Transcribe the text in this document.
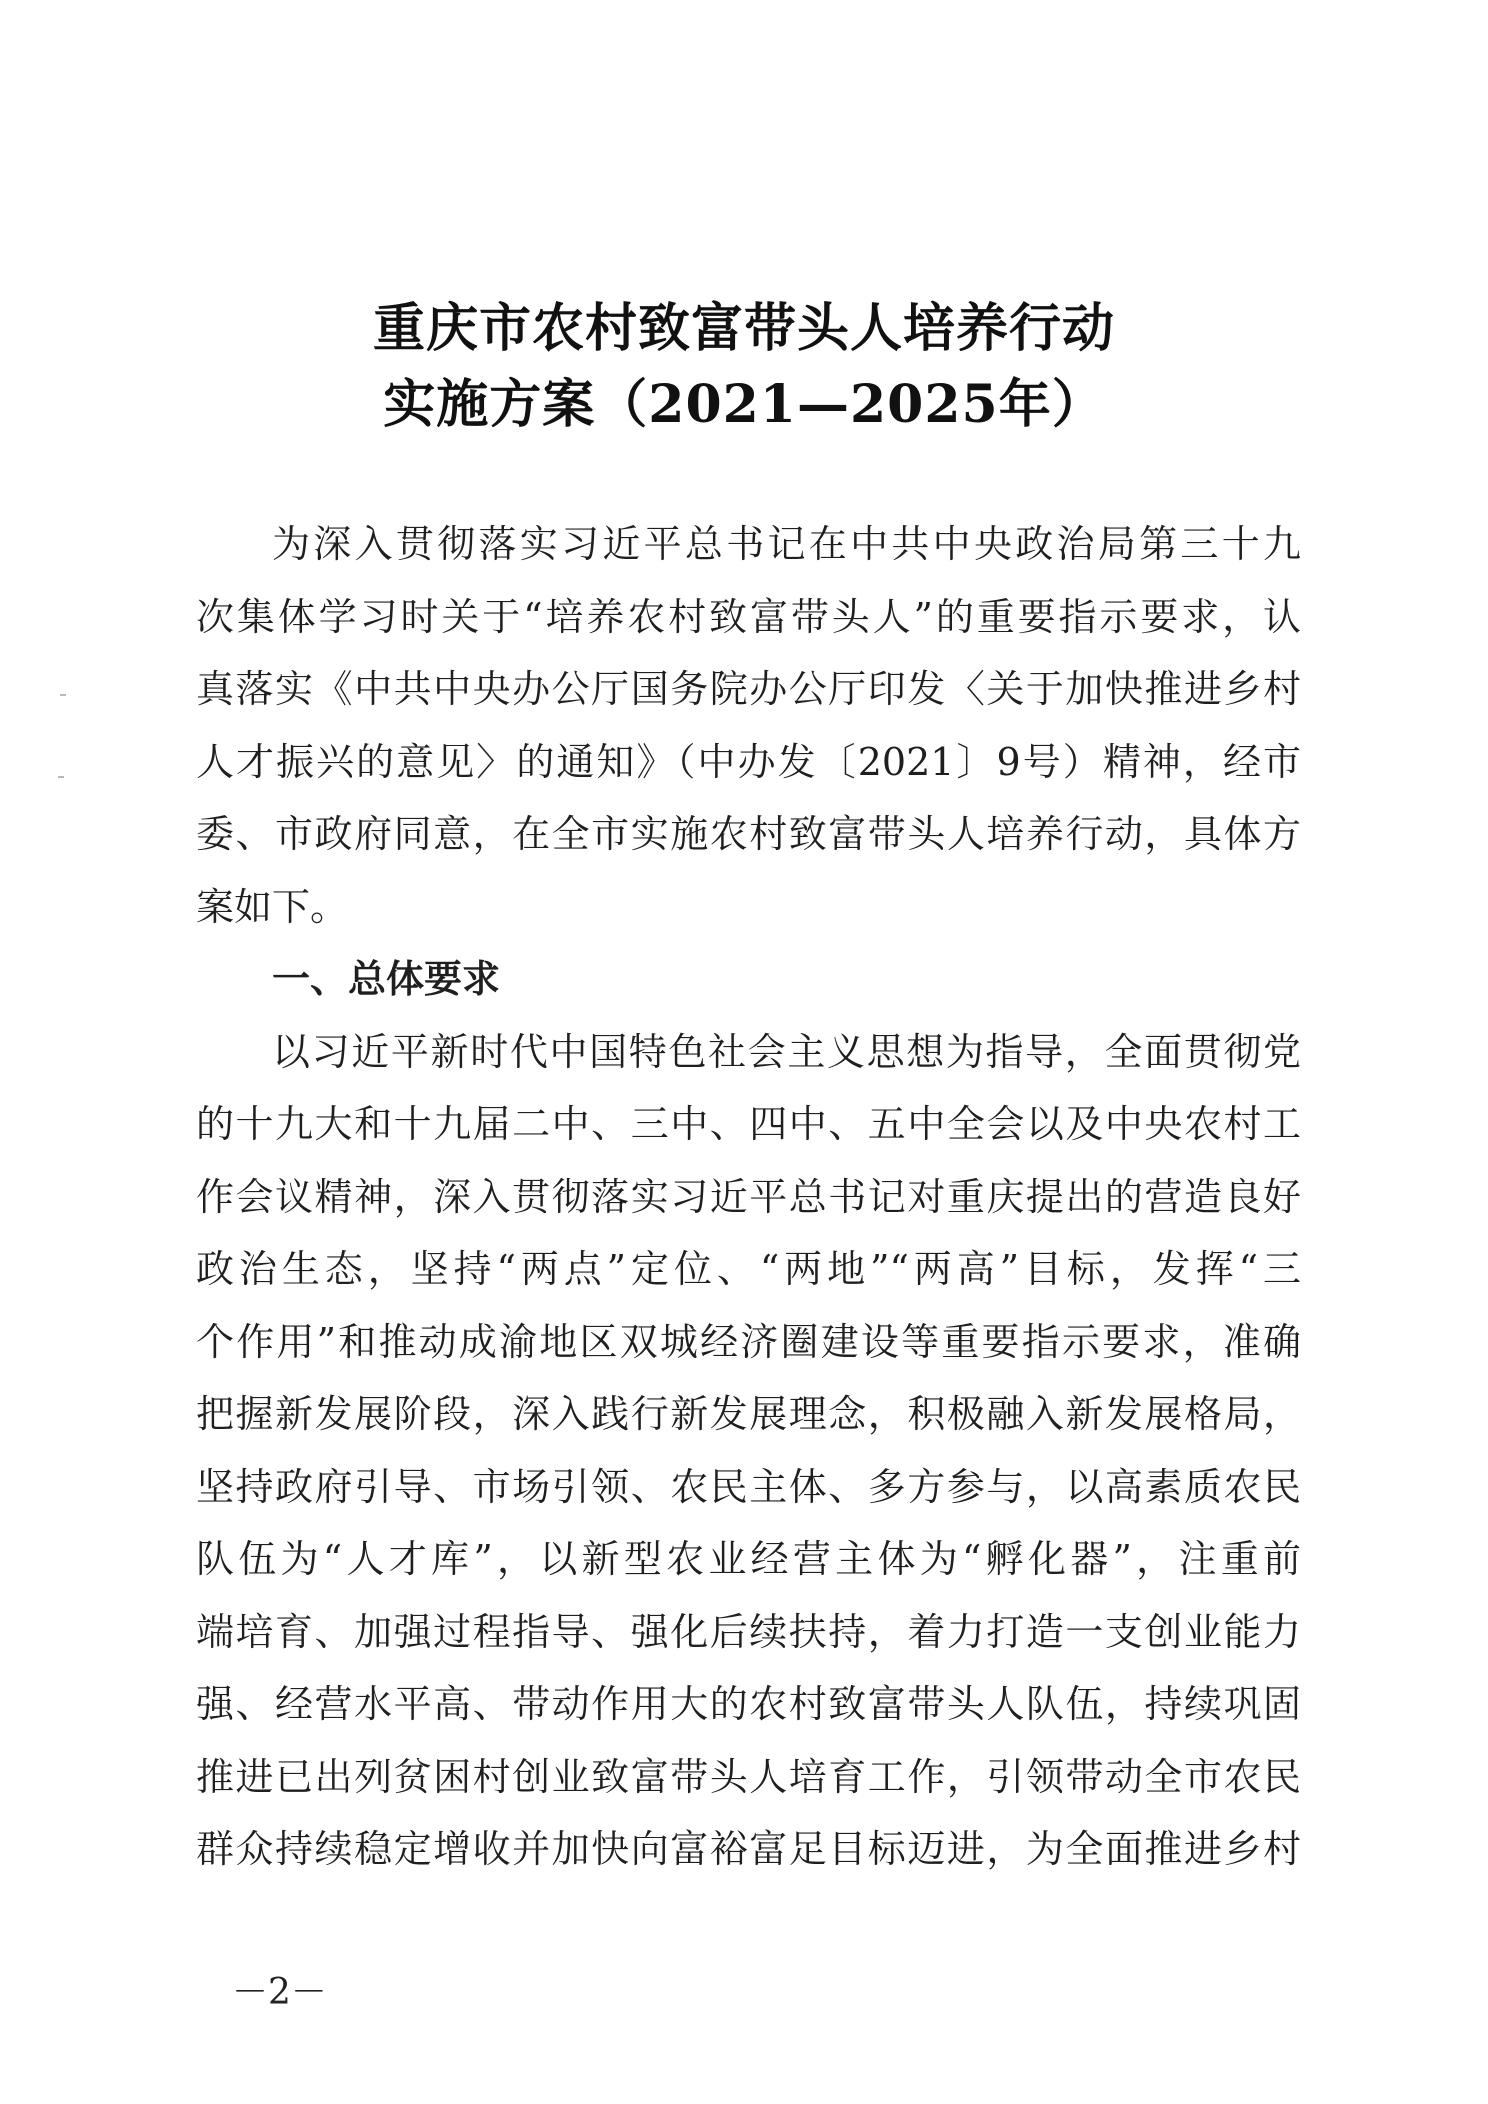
重庆市农村致富带头人培养行动
实施方案（2021—2025年）
为深入贯彻落实习近平总书记在中共中央政治局第三十九
次集体学习时关于“培养农村致富带头人”的重要指示要求，认
真落实《中共中央办公厅国务院办公厅印发〈关于加快推进乡村
人才振兴的意见〉的通知》（中办发〔2021〕9号）精神，经市
委、市政府同意，在全市实施农村致富带头人培养行动，具体方
案如下。
一、总体要求
以习近平新时代中国特色社会主义思想为指导，全面贯彻党
的十九大和十九届二中、三中、四中、五中全会以及中央农村工
作会议精神，深入贯彻落实习近平总书记对重庆提出的营造良好
政治生态，坚持“两点”定位、“两地”“两高”目标，发挥“三
个作用”和推动成渝地区双城经济圈建设等重要指示要求，准确
把握新发展阶段，深入践行新发展理念，积极融入新发展格局，
坚持政府引导、市场引领、农民主体、多方参与，以高素质农民
队伍为“人才库”，以新型农业经营主体为“孵化器”，注重前
端培育、加强过程指导、强化后续扶持，着力打造一支创业能力
强、经营水平高、带动作用大的农村致富带头人队伍，持续巩固
推进已出列贫困村创业致富带头人培育工作，引领带动全市农民
群众持续稳定增收并加快向富裕富足目标迈进，为全面推进乡村
－2－
